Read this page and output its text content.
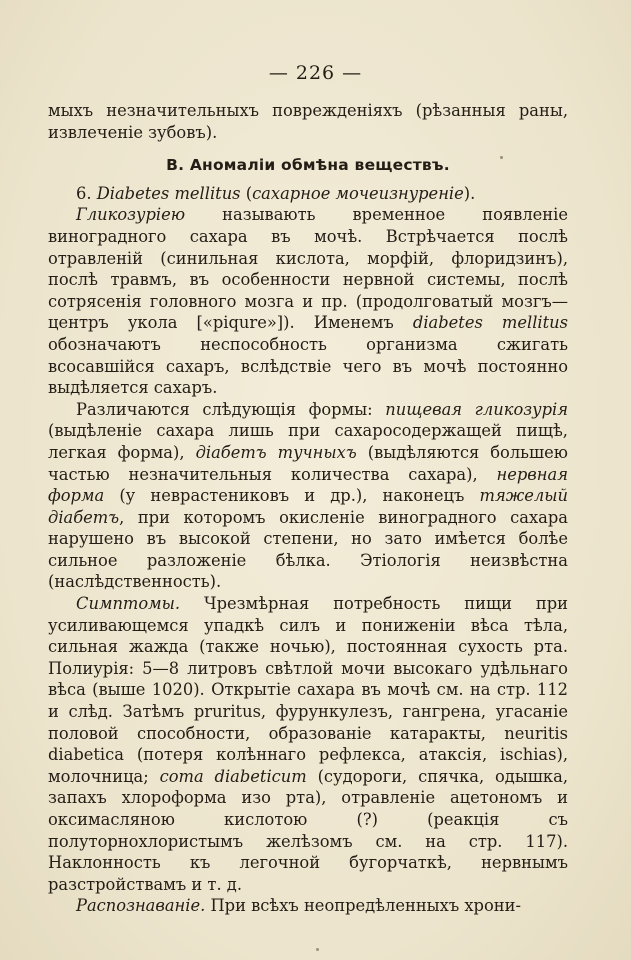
— 226 —

мыхъ незначительныхъ поврежденіяхъ (рѣзанныя раны, извлеченіе зубовъ).

B. Аномаліи обмѣна веществъ.

6. Diabetes mellitus (сахарное мочеизнуреніе).

Гликозуріею называють временное появленіе виноградного сахара въ мочѣ. Встрѣчается послѣ отравленій (синильная кислота, морфій, флоридзинъ), послѣ травмъ, въ особенности нервной системы, послѣ сотрясенія головного мозга и пр. (продолговатый мозгъ—центръ укола [«piqure»]). Именемъ diabetes mellitus обозначаютъ неспособность организма сжигать всосавшійся сахаръ, вслѣдствіе чего въ мочѣ постоянно выдѣляется сахаръ.

Различаются слѣдующія формы: пищевая гликозурія (выдѣленіе сахара лишь при сахаросодержащей пищѣ, легкая форма), діабетъ тучныхъ (выдѣляются большею частью незначительныя количества сахара), нервная форма (у неврастениковъ и др.), наконецъ тяжелый діабетъ, при которомъ окисленіе виноградного сахара нарушено въ высокой степени, но зато имѣется болѣе сильное разложеніе бѣлка. Этіологія неизвѣстна (наслѣдственность).

Симптомы. Чрезмѣрная потребность пищи при усиливающемся упадкѣ силъ и пониженіи вѣса тѣла, сильная жажда (также ночью), постоянная сухость рта. Полиурія: 5—8 литровъ свѣтлой мочи высокаго удѣльнаго вѣса (выше 1020). Открытіе сахара въ мочѣ см. на стр. 112 и слѣд. Затѣмъ pruritus, фурункулезъ, гангрена, угасаніе половой способности, образованіе катаракты, neuritis diabetica (потеря колѣннаго рефлекса, атаксія, ischias), молочница; coma diabeticum (судороги, спячка, одышка, запахъ хлороформа изо рта), отравленіе ацетономъ и оксимасляною кислотою (?) (реакція съ полуторнохлористымъ желѣзомъ см. на стр. 117). Наклонность къ легочной бугорчаткѣ, нервнымъ разстройствамъ и т. д.

Распознаваніе. При всѣхъ неопредѣленныхъ хрони-
